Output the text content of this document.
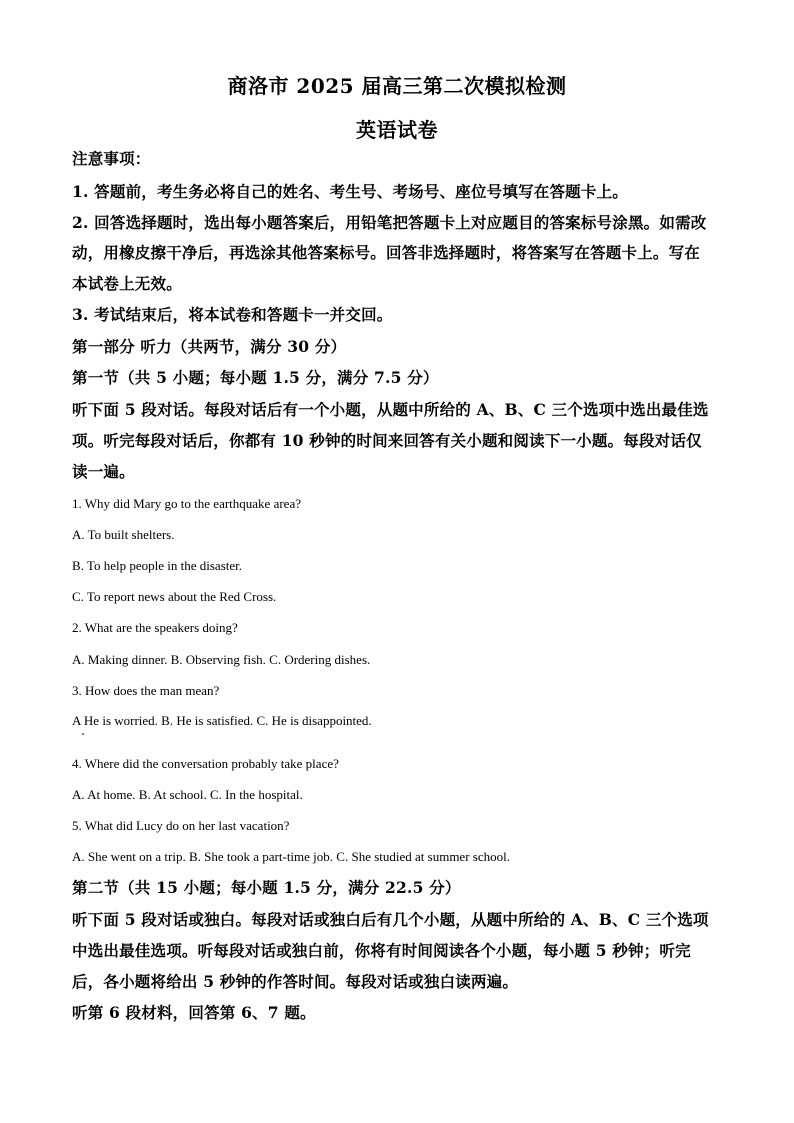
商洛市 2025 届高三第二次模拟检测
英语试卷

注意事项：

1. 答题前，考生务必将自己的姓名、考生号、考场号、座位号填写在答题卡上。

2. 回答选择题时，选出每小题答案后，用铅笔把答题卡上对应题目的答案标号涂黑。如需改

动，用橡皮擦干净后，再选涂其他答案标号。回答非选择题时，将答案写在答题卡上。写在

本试卷上无效。

3. 考试结束后，将本试卷和答题卡一并交回。

第一部分 听力（共两节，满分 30 分）

第一节（共 5 小题；每小题 1.5 分，满分 7.5 分）

听下面 5 段对话。每段对话后有一个小题，从题中所给的 A、B、C 三个选项中选出最佳选

项。听完每段对话后，你都有 10 秒钟的时间来回答有关小题和阅读下一小题。每段对话仅

读一遍。

1. Why did Mary go to the earthquake area?

A. To built shelters.

B. To help people in the disaster.

C. To report news about the Red Cross.

2. What are the speakers doing?

A. Making dinner. B. Observing fish. C. Ordering dishes.

3. How does the man mean?

A He is worried. B. He is satisfied. C. He is disappointed.

4. Where did the conversation probably take place?

A. At home. B. At school. C. In the hospital.

5. What did Lucy do on her last vacation?

A. She went on a trip. B. She took a part-time job. C. She studied at summer school.

第二节（共 15 小题；每小题 1.5 分，满分 22.5 分）

听下面 5 段对话或独白。每段对话或独白后有几个小题，从题中所给的 A、B、C 三个选项

中选出最佳选项。听每段对话或独白前，你将有时间阅读各个小题，每小题 5 秒钟；听完

后，各小题将给出 5 秒钟的作答时间。每段对话或独白读两遍。

听第 6 段材料，回答第 6、7 题。
